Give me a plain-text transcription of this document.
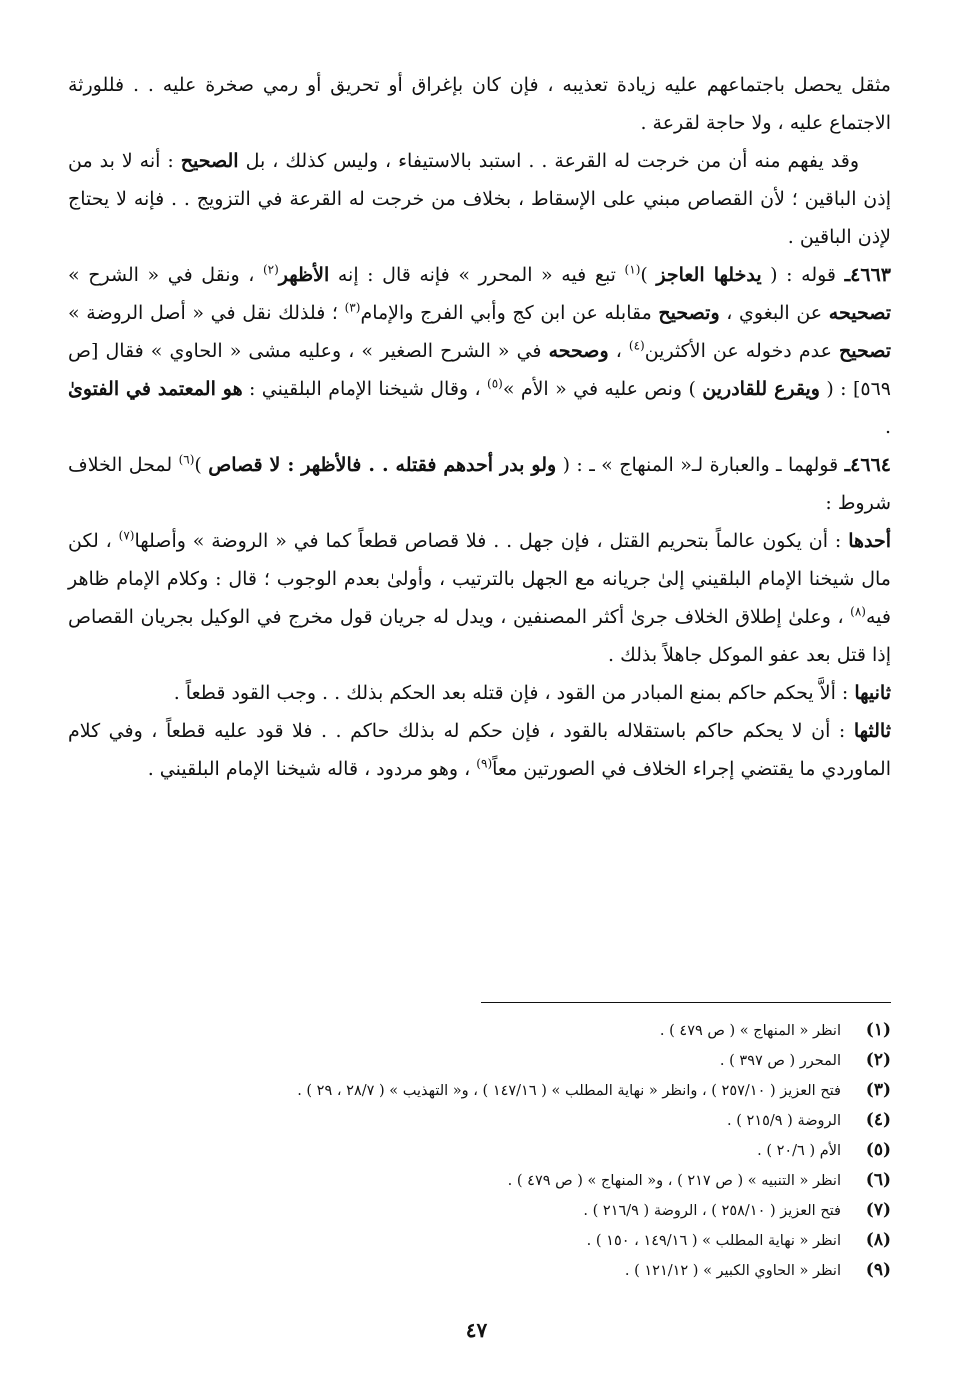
مثقل يحصل باجتماعهم عليه زيادة تعذيبه ، فإن كان بإغراق أو تحريق أو رمي صخرة عليه . . فللورثة الاجتماع عليه ، ولا حاجة لقرعة .

وقد يفهم منه أن من خرجت له القرعة . . استبد بالاستيفاء ، وليس كذلك ، بل الصحيح : أنه لا بد من إذن الباقين ؛ لأن القصاص مبني على الإسقاط ، بخلاف من خرجت له القرعة في التزويج . . فإنه لا يحتاج لإذن الباقين .

٤٦٦٣ـ قوله : ( يدخلها العاجز )$^{(١)}$ تبع فيه « المحرر » فإنه قال : إنه الأظهر$^{(٢)}$ ، ونقل في « الشرح » تصحيحه عن البغوي ، وتصحيح مقابله عن ابن كج وأبي الفرج والإمام$^{(٣)}$ ؛ فلذلك نقل في « أصل الروضة » تصحيح عدم دخوله عن الأكثرين$^{(٤)}$ ، وصححه في « الشرح الصغير » ، وعليه مشى « الحاوي » فقال [ص ٥٦٩] : ( ويقرع للقادرين ) ونص عليه في « الأم »$^{(٥)}$ ، وقال شيخنا الإمام البلقيني : هو المعتمد في الفتوىٰ .

٤٦٦٤ـ قولهما ـ والعبارة لـ« المنهاج » ـ : ( ولو بدر أحدهم فقتله . . فالأظهر : لا قصاص )$^{(٦)}$ لمحل الخلاف شروط :

أحدها : أن يكون عالماً بتحريم القتل ، فإن جهل . . فلا قصاص قطعاً كما في « الروضة » وأصلها$^{(٧)}$ ، لكن مال شيخنا الإمام البلقيني إلىٰ جريانه مع الجهل بالترتيب ، وأولىٰ بعدم الوجوب ؛ قال : وكلام الإمام ظاهر فيه$^{(٨)}$ ، وعلىٰ إطلاق الخلاف جرىٰ أكثر المصنفين ، ويدل له جريان قول مخرج في الوكيل بجريان القصاص إذا قتل بعد عفو الموكل جاهلاً بذلك .

ثانيها : ألاَّ يحكم حاكم بمنع المبادر من القود ، فإن قتله بعد الحكم بذلك . . وجب القود قطعاً .

ثالثها : أن لا يحكم حاكم باستقلاله بالقود ، فإن حكم له بذلك حاكم . . فلا قود عليه قطعاً ، وفي كلام الماوردي ما يقتضي إجراء الخلاف في الصورتين معاً$^{(٩)}$ ، وهو مردود ، قاله شيخنا الإمام البلقيني .

(١)انظر « المنهاج » ( ص ٤٧٩ ) .
(٢)المحرر ( ص ٣٩٧ ) .
(٣)فتح العزيز ( ٢٥٧/١٠ ) ، وانظر « نهاية المطلب » ( ١٤٧/١٦ ) ، و« التهذيب » ( ٢٨/٧ ، ٢٩ ) .
(٤)الروضة ( ٢١٥/٩ ) .
(٥)الأم ( ٢٠/٦ ) .
(٦)انظر « التنبيه » ( ص ٢١٧ ) ، و« المنهاج » ( ص ٤٧٩ ) .
(٧)فتح العزيز ( ٢٥٨/١٠ ) ، الروضة ( ٢١٦/٩ ) .
(٨)انظر « نهاية المطلب » ( ١٤٩/١٦ ، ١٥٠ ) .
(٩)انظر « الحاوي الكبير » ( ١٢١/١٢ ) .
٤٧
